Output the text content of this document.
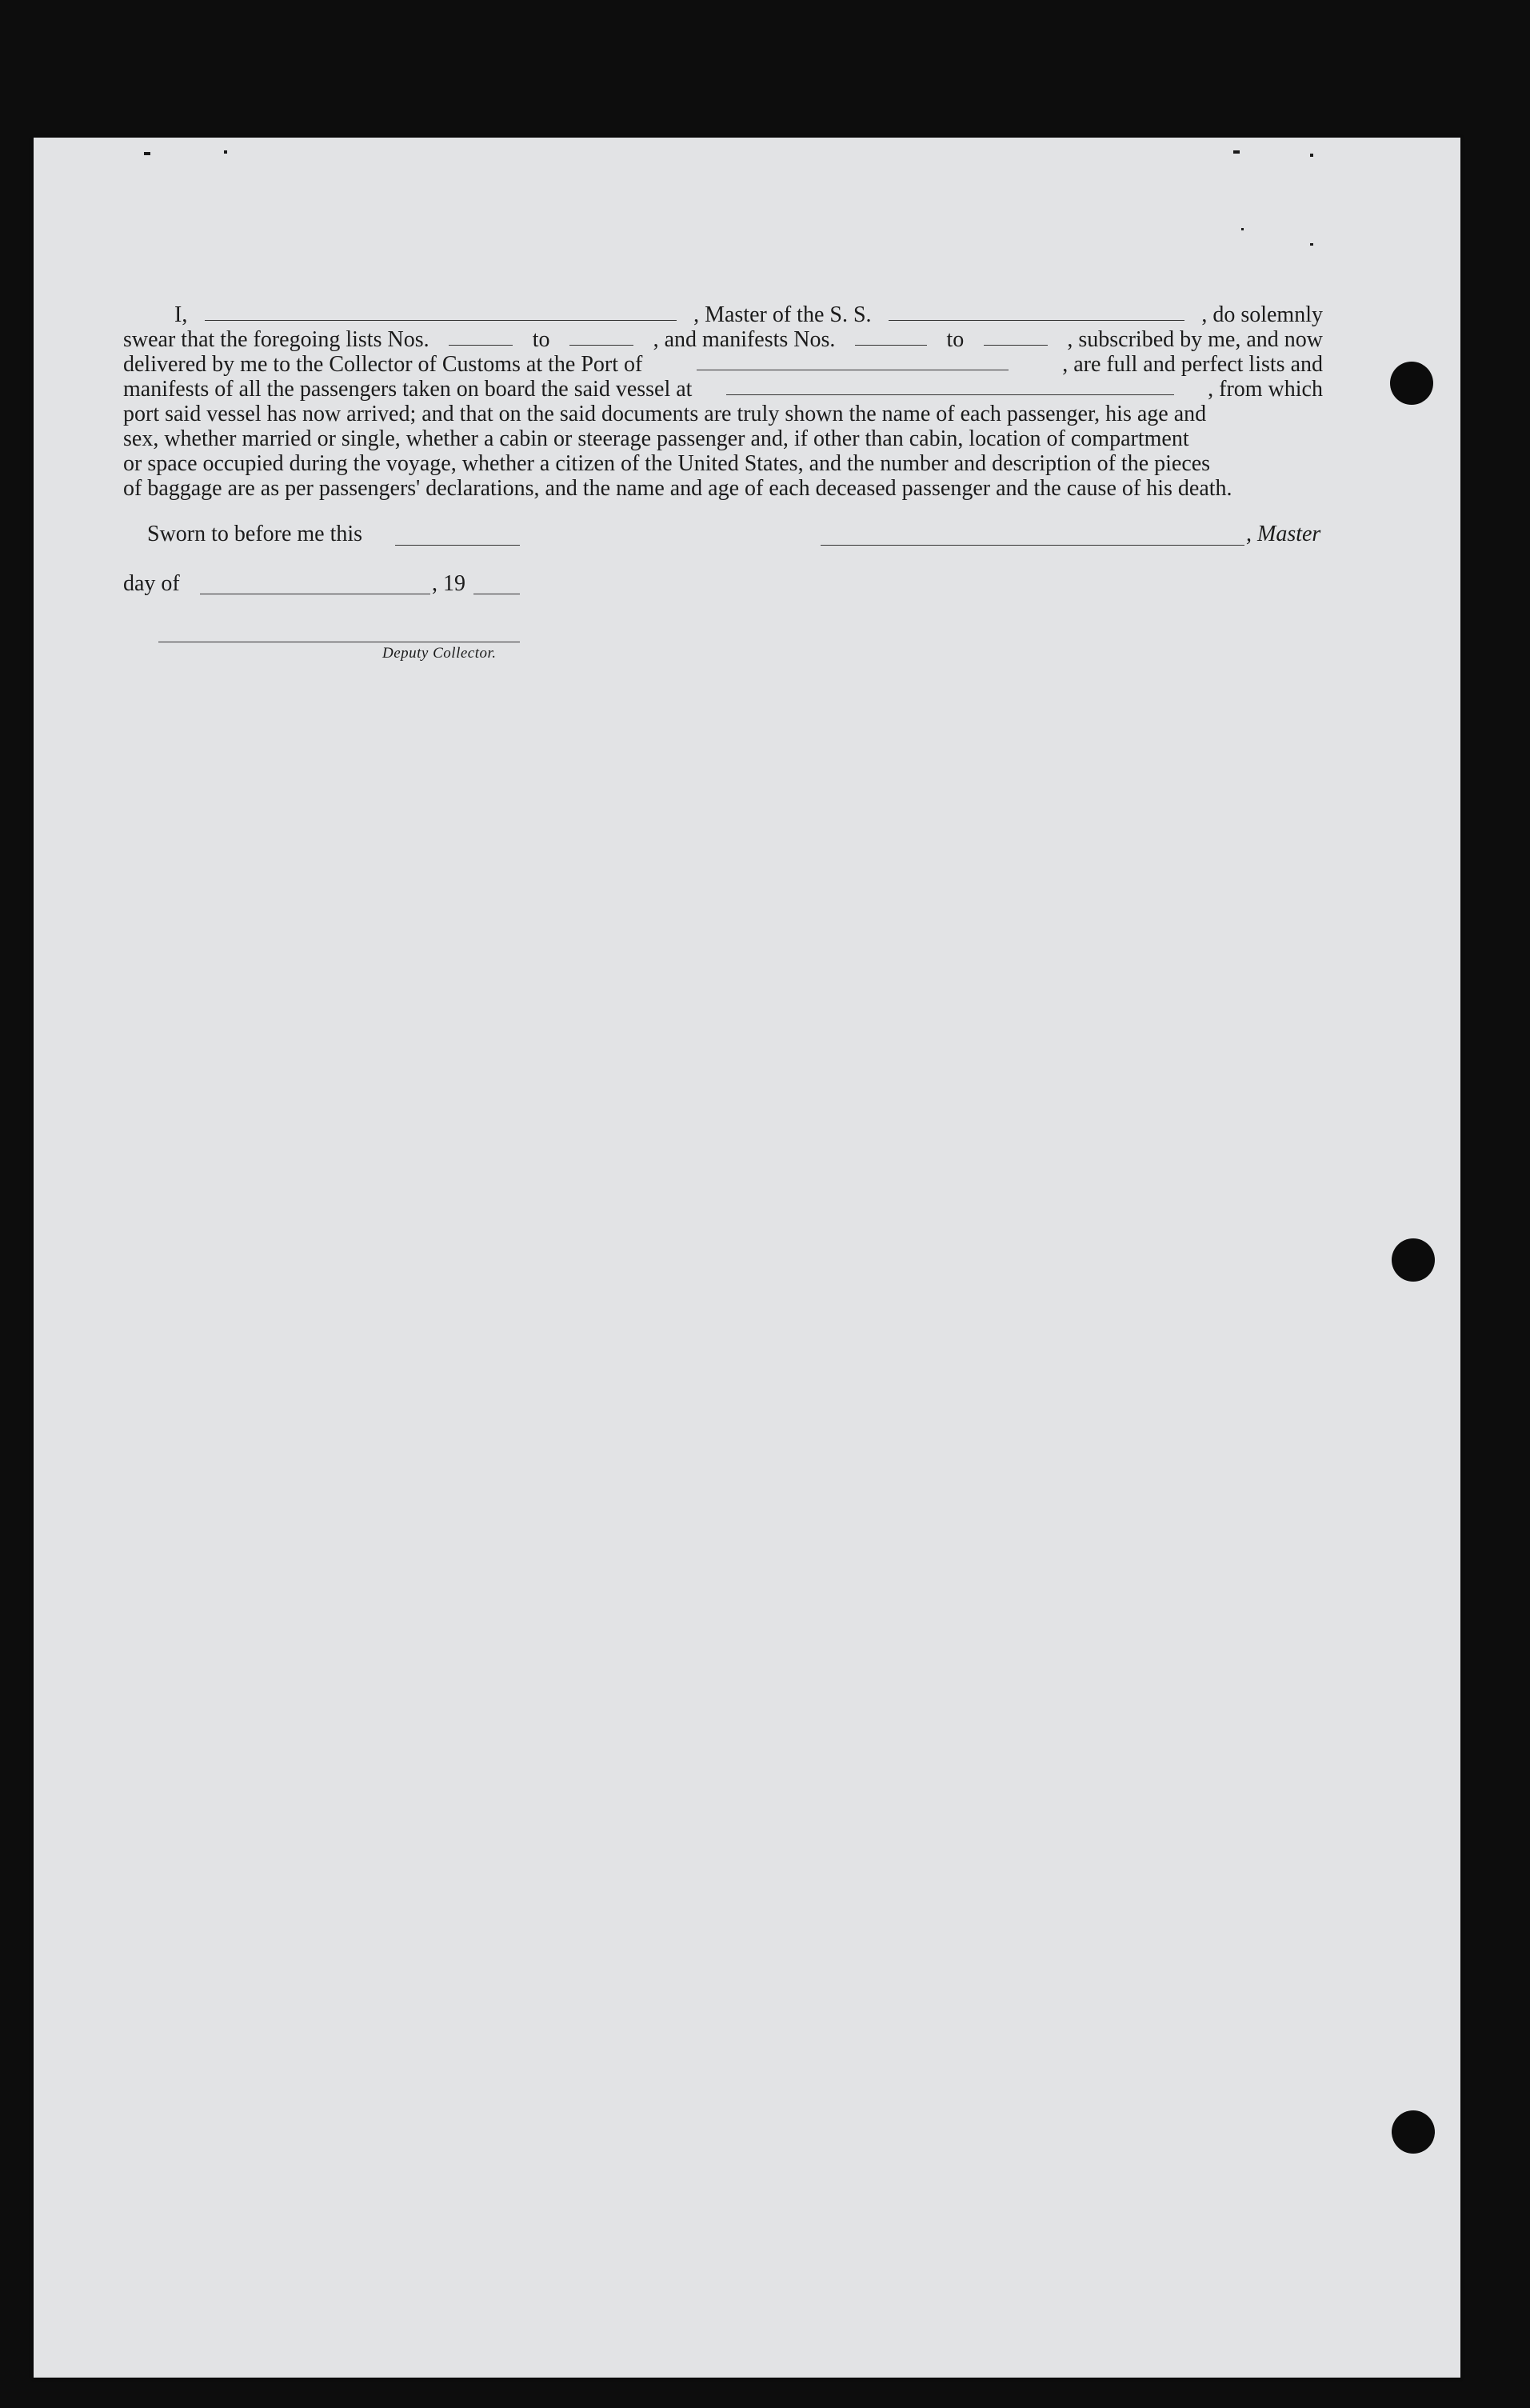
I,	, Master of the S. S.	, do solemnly
swear that the foregoing lists Nos.	to	, and manifests Nos.	to	, subscribed by me, and now
delivered by me to the Collector of Customs at the Port of	, are full and perfect lists and
manifests of all the passengers taken on board the said vessel at	, from which
port said vessel has now arrived; and that on the said documents are truly shown the name of each passenger, his age and
sex, whether married or single, whether a cabin or steerage passenger and, if other than cabin, location of compartment
or space occupied during the voyage, whether a citizen of the United States, and the number and description of the pieces
of baggage are as per passengers' declarations, and the name and age of each deceased passenger and the cause of his death.
Sworn to before me this	, Master
day of	, 19
Deputy Collector.
